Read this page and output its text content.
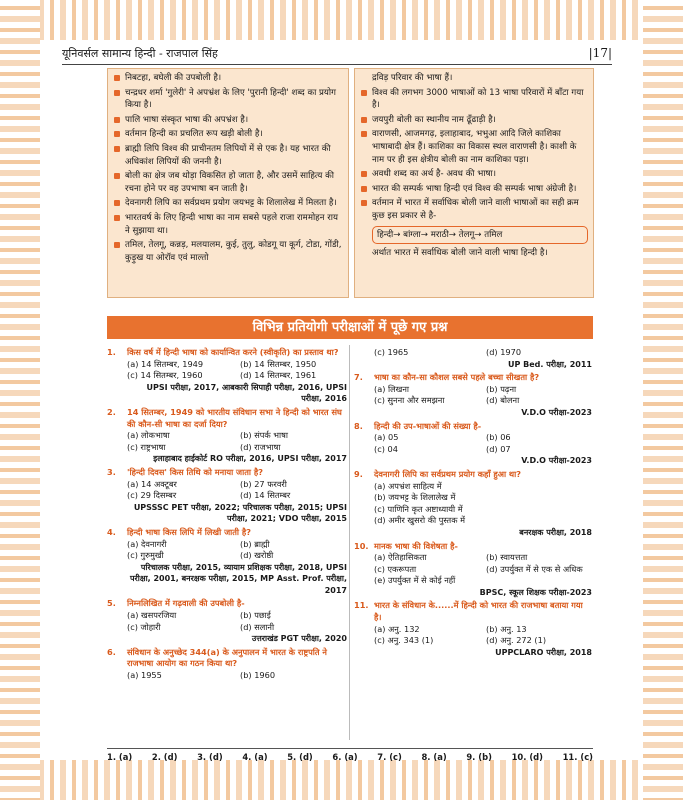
यूनिवर्सल सामान्य हिन्दी - राजपाल सिंह	|17|
निबटहा, बघेली की उपबोली है।
चन्द्रधर शर्मा 'गुलेरी' ने अपभ्रंश के लिए 'पुरानी हिन्दी' शब्द का प्रयोग किया है।
पालि भाषा संस्कृत भाषा की अपभ्रंश है।
वर्तमान हिन्दी का प्रचलित रूप खड़ी बोली है।
ब्राह्मी लिपि विश्व की प्राचीनतम लिपियों में से एक है। यह भारत की अधिकांश लिपियों की जननी है।
बोली का क्षेत्र जब थोड़ा विकसित हो जाता है, और उसमें साहित्य की रचना होने पर वह उपभाषा बन जाती है।
देवनागरी लिपि का सर्वप्रथम प्रयोग जयभट्ट के शिलालेख में मिलता है।
भारतवर्ष के लिए हिन्दी भाषा का नाम सबसे पहले राजा राममोहन राय ने सुझाया था।
तमिल, तेलगू, कन्नड़, मलयालम, कुई, तुलु, कोडगू या कूर्ग, टोडा, गोंडी, कुड़ुख या ओरॉव एवं माल्तो
द्रविड़ परिवार की भाषा हैं।
विश्व की लगभग 3000 भाषाओं को 13 भाषा परिवारों में बाँटा गया है।
जयपुरी बोली का स्थानीय नाम ढूँढाड़ी है।
वाराणसी, आजमगढ़, इलाहाबाद, भभुआ आदि जिले काशिका भाषाबादी क्षेत्र हैं। काशिका का विकास स्थल वाराणसी है। काशी के नाम पर ही इस क्षेत्रीय बोली का नाम काशिका पड़ा।
अवधी शब्द का अर्थ है- अवध की भाषा।
भारत की सम्पर्क भाषा हिन्दी एवं विश्व की सम्पर्क भाषा अंग्रेजी है।
वर्तमान में भारत में सर्वाधिक बोली जाने वाली भाषाओं का सही क्रम कुछ इस प्रकार से है-
हिन्दी→ बांग्ला→ मराठी→ तेलगू→ तमिल
अर्थात भारत में सर्वाधिक बोली जाने वाली भाषा हिन्दी है।
विभिन्न प्रतियोगी परीक्षाओं में पूछे गए प्रश्न
1. किस वर्ष में हिन्दी भाषा को कार्यान्वित करने (स्वीकृति) का प्रस्ताव था?
(a) 14 सितम्बर, 1949	(b) 14 सितम्बर, 1950
(c) 14 सितम्बर, 1960	(d) 14 सितम्बर, 1961
UPSI परीक्षा, 2017, आबकारी सिपाही परीक्षा, 2016, UPSI परीक्षा, 2016
2. 14 सितम्बर, 1949 को भारतीय संविधान सभा ने हिन्दी को भारत संघ की कौन-सी भाषा का दर्जा दिया?
(a) लोकभाषा	(b) संपर्क भाषा
(c) राष्ट्रभाषा	(d) राजभाषा
इलाहाबाद हाईकोर्ट RO परीक्षा, 2016, UPSI परीक्षा, 2017
3. 'हिन्दी दिवस' किस तिथि को मनाया जाता है?
(a) 14 अक्टूबर	(b) 27 फरवरी
(c) 29 दिसम्बर	(d) 14 सितम्बर
UPSSSC PET परीक्षा, 2022; परिचालक परीक्षा, 2015; UPSI परीक्षा, 2021; VDO परीक्षा, 2015
4. हिन्दी भाषा किस लिपि में लिखी जाती है?
(a) देवनागरी	(b) ब्राह्मी
(c) गुरुमुखी	(d) खरोष्ठी
परिचालक परीक्षा, 2015, व्यायाम प्रशिक्षक परीक्षा, 2018, UPSI परीक्षा, 2001, बनरक्षक परीक्षा, 2015, MP Asst. Prof. परीक्षा, 2017
5. निम्नलिखित में गढ़वाली की उपबोली है-
(a) खसपरजिया	(b) पछाई
(c) जोहारी	(d) सलानी
उत्तराखंड PGT परीक्षा, 2020
6. संविधान के अनुच्छेद 344(a) के अनुपालन में भारत के राष्ट्रपति ने राजभाषा आयोग का गठन किया था?
(a) 1955	(b) 1960
(c) 1965	(d) 1970
UP Bed. परीक्षा, 2011
7. भाषा का कौन-सा कौशल सबसे पहले बच्चा सीखता है?
(a) लिखना	(b) पढ़ना
(c) सुनना और समझना	(d) बोलना
V.D.O परीक्षा-2023
8. हिन्दी की उप-भाषाओं की संख्या है-
(a) 05	(b) 06
(c) 04	(d) 07
V.D.O परीक्षा-2023
9. देवनागरी लिपि का सर्वप्रथम प्रयोग कहाँ हुआ था?
(a) अपभ्रंश साहित्य में
(b) जयभट्ट के शिलालेख में
(c) पाणिनि कृत अष्टाध्यायी में
(d) अमीर खुसरो की पुस्तक में
बनरक्षक परीक्षा, 2018
10. मानक भाषा की विशेषता है-
(a) ऐतिहासिकता	(b) स्वायत्तता
(c) एकरूपता	(d) उपर्युक्त में से एक से अधिक
(e) उपर्युक्त में से कोई नहीं
BPSC, स्कूल शिक्षक परीक्षा-2023
11. भारत के संविधान के......में हिन्दी को भारत की राजभाषा बताया गया है।
(a) अनु. 132	(b) अनु. 13
(c) अनु. 343 (1)	(d) अनु. 272 (1)
UPPCLARO परीक्षा, 2018
1. (a) 2. (d) 3. (d) 4. (a) 5. (d) 6. (a) 7. (c) 8. (a) 9. (b) 10. (d) 11. (c)
